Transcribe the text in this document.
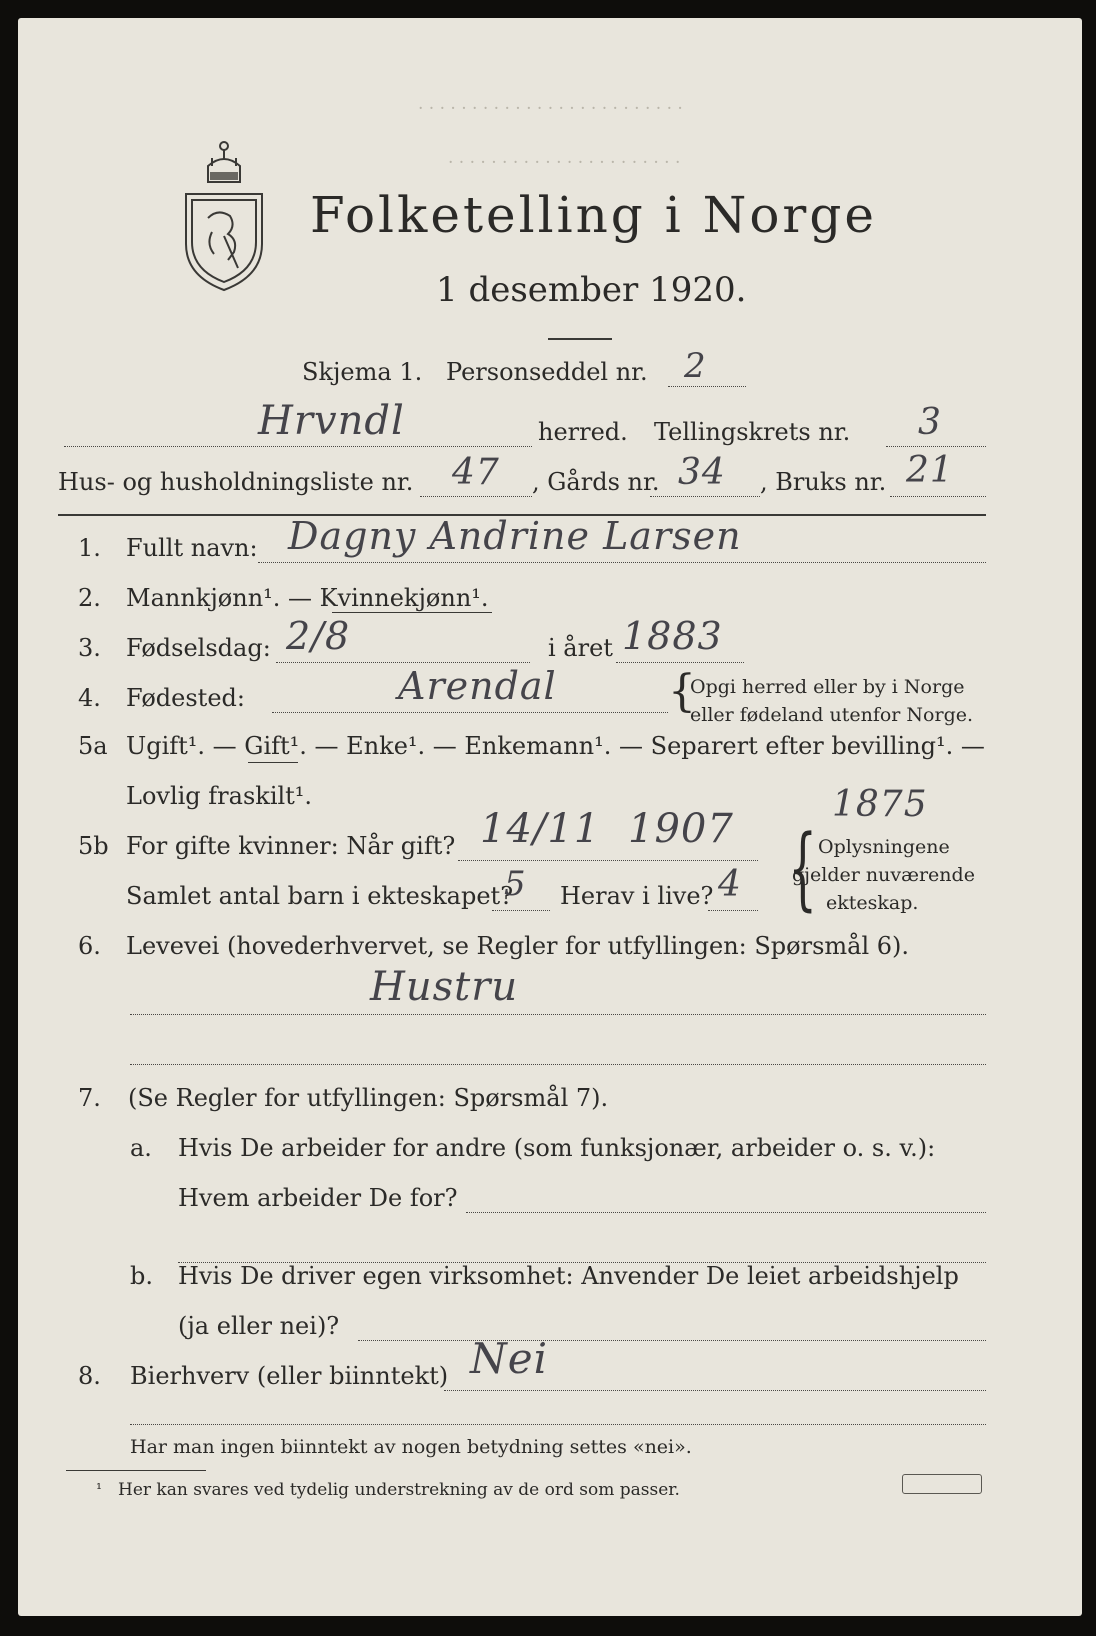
. . . . . . . . . . . . . . . . . . . . . . . . .
. . . . . . . . . . . . . . . . . . . . . .
Folketelling i Norge
1 desember 1920.
Skjema 1. Personseddel nr. 2
Hrvndl	herred. Tellingskrets nr. 3
Hus- og husholdningsliste nr. 47 , Gårds nr. 34 , Bruks nr. 21
1. Fullt navn: Dagny Andrine Larsen
2. Mannkjønn¹. — Kvinnekjønn¹.
3. Fødselsdag: 2/8	i året 1883
4. Fødested:	Arendal	{
Opgi herred eller by i Norge
eller fødeland utenfor Norge.
5a Ugift¹. — Gift¹. — Enke¹. — Enkemann¹. — Separert efter bevilling¹. —
Lovlig fraskilt¹.
5b For gifte kvinner: Når gift? 14/11 1907
1875
Samlet antal barn i ekteskapet?
5 Herav i live? 4 { Oplysningene
gjelder nuværende
ekteskap.
6. Levevei (hovederhvervet, se Regler for utfyllingen: Spørsmål 6).
Hustru
7. (Se Regler for utfyllingen: Spørsmål 7).
a. Hvis De arbeider for andre (som funksjonær, arbeider o. s. v.):
Hvem arbeider De for?
b. Hvis De driver egen virksomhet: Anvender De leiet arbeidshjelp
(ja eller nei)?
8. Bierhverv (eller biinntekt) Nei
Har man ingen biinntekt av nogen betydning settes «nei».
¹ Her kan svares ved tydelig understrekning av de ord som passer.
